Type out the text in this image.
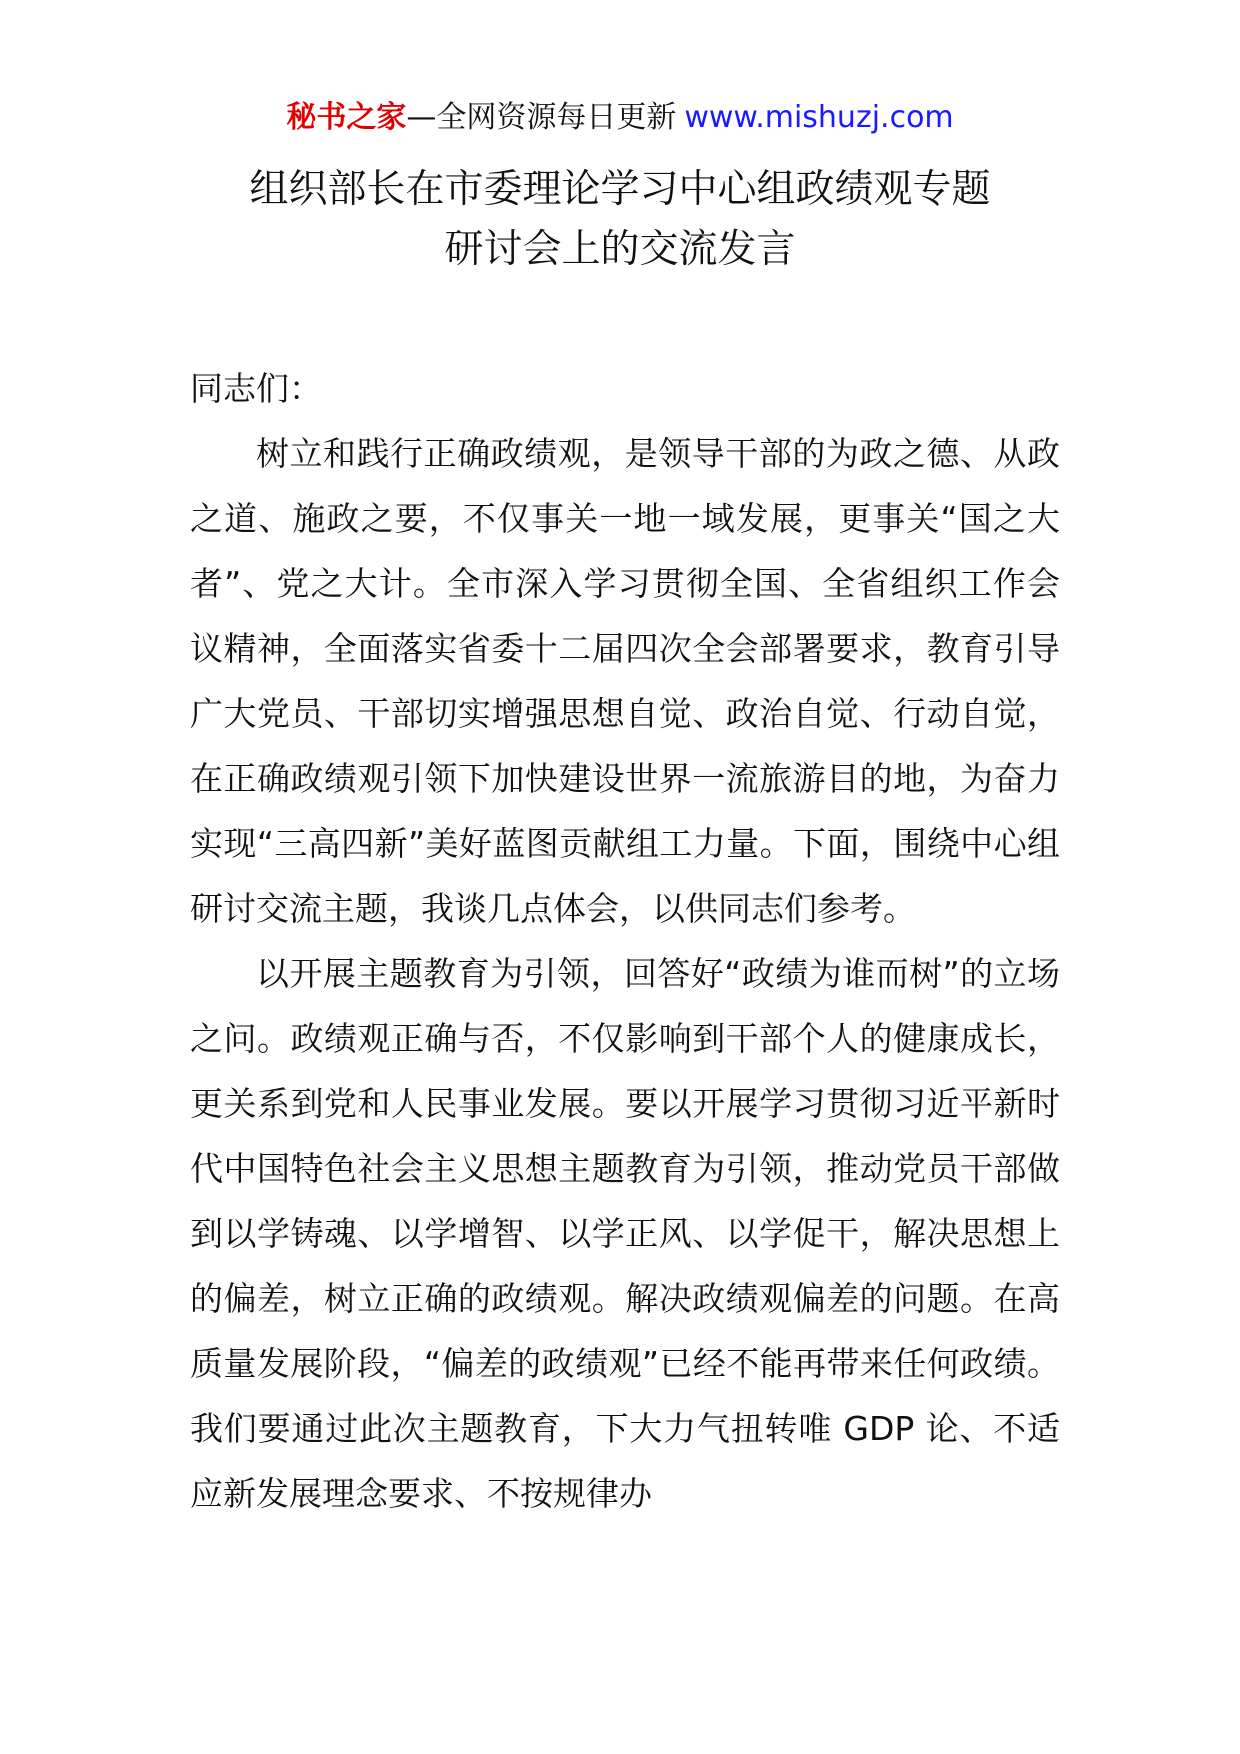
秘书之家—全网资源每日更新 www.mishuzj.com
组织部长在市委理论学习中心组政绩观专题
研讨会上的交流发言

同志们：

树立和践行正确政绩观，是领导干部的为政之德、从政之道、施政之要，不仅事关一地一域发展，更事关“国之大者”、党之大计。全市深入学习贯彻全国、全省组织工作会议精神，全面落实省委十二届四次全会部署要求，教育引导广大党员、干部切实增强思想自觉、政治自觉、行动自觉，在正确政绩观引领下加快建设世界一流旅游目的地，为奋力实现“三高四新”美好蓝图贡献组工力量。下面，围绕中心组研讨交流主题，我谈几点体会，以供同志们参考。

以开展主题教育为引领，回答好“政绩为谁而树”的立场之问。政绩观正确与否，不仅影响到干部个人的健康成长，更关系到党和人民事业发展。要以开展学习贯彻习近平新时代中国特色社会主义思想主题教育为引领，推动党员干部做到以学铸魂、以学增智、以学正风、以学促干，解决思想上的偏差，树立正确的政绩观。解决政绩观偏差的问题。在高质量发展阶段，“偏差的政绩观”已经不能再带来任何政绩。我们要通过此次主题教育，下大力气扭转唯 GDP 论、不适应新发展理念要求、不按规律办
